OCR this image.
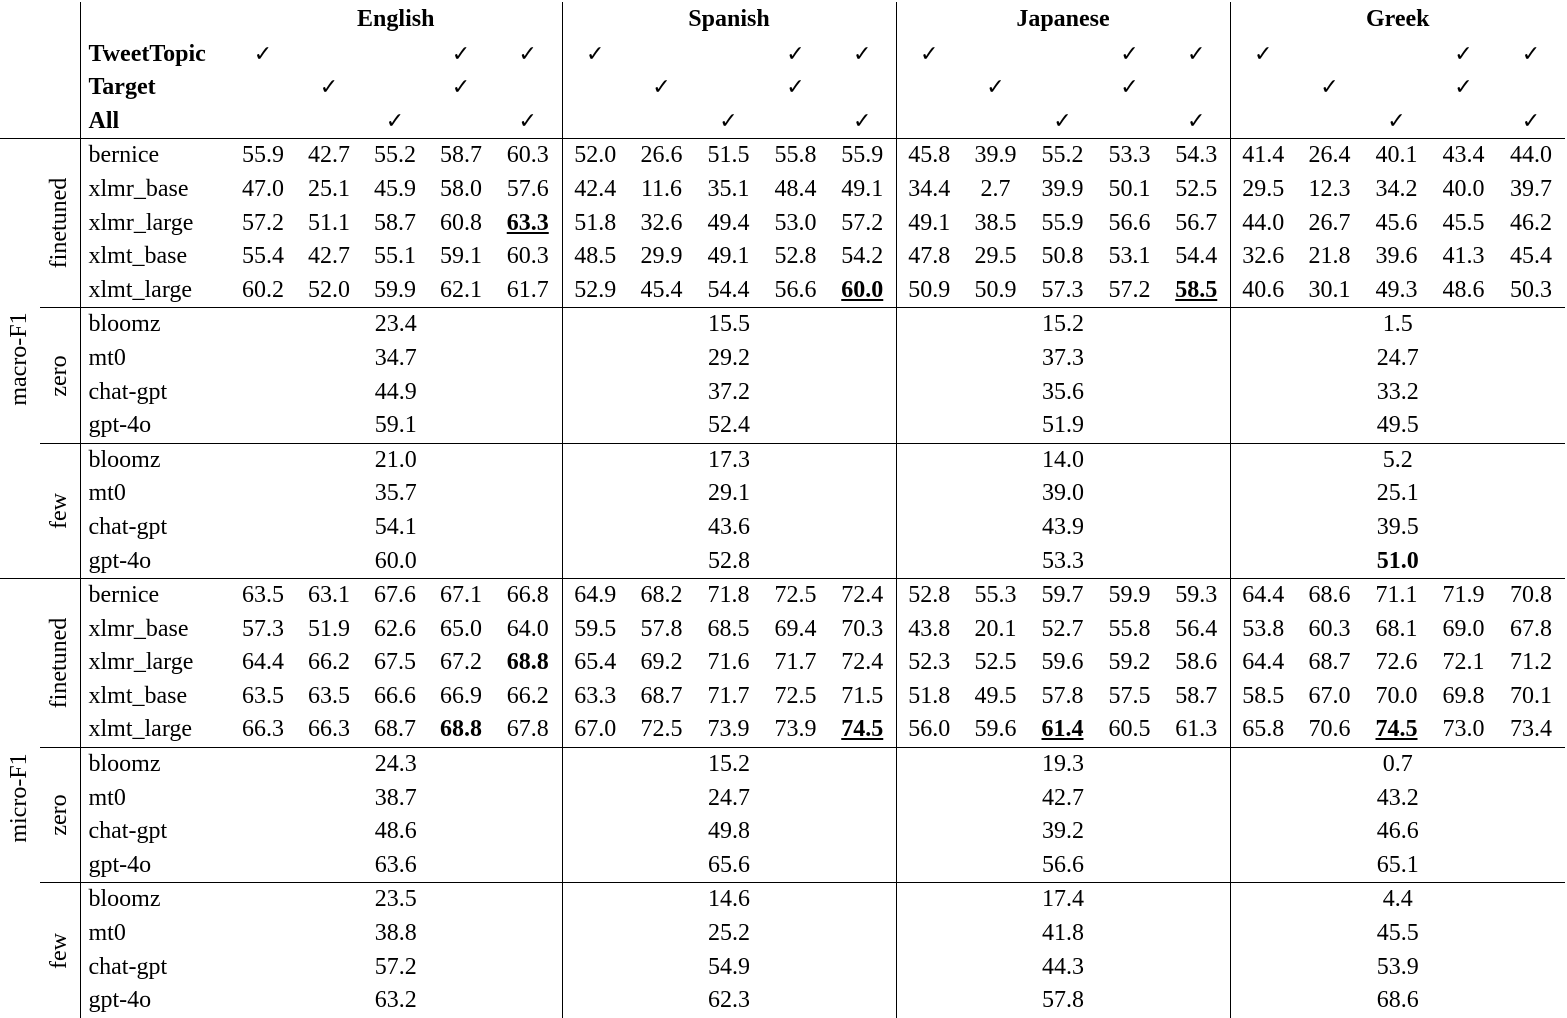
			English					Spanish					Japanese					Greek				
		TweetTopic	✓			✓	✓	✓			✓	✓	✓			✓	✓	✓			✓	✓
		Target		✓		✓			✓		✓			✓		✓			✓		✓	
		All			✓		✓			✓		✓			✓		✓			✓		✓

macro-F1	finetuned	bernice	55.9	42.7	55.2	58.7	60.3	52.0	26.6	51.5	55.8	55.9	45.8	39.9	55.2	53.3	54.3	41.4	26.4	40.1	43.4	44.0
		xlmr_base	47.0	25.1	45.9	58.0	57.6	42.4	11.6	35.1	48.4	49.1	34.4	2.7	39.9	50.1	52.5	29.5	12.3	34.2	40.0	39.7
		xlmr_large	57.2	51.1	58.7	60.8	63.3	51.8	32.6	49.4	53.0	57.2	49.1	38.5	55.9	56.6	56.7	44.0	26.7	45.6	45.5	46.2
		xlmt_base	55.4	42.7	55.1	59.1	60.3	48.5	29.9	49.1	52.8	54.2	47.8	29.5	50.8	53.1	54.4	32.6	21.8	39.6	41.3	45.4
		xlmt_large	60.2	52.0	59.9	62.1	61.7	52.9	45.4	54.4	56.6	60.0	50.9	50.9	57.3	57.2	58.5	40.6	30.1	49.3	48.6	50.3

	zero	bloomz	23.4					15.5					15.2					1.5				
		mt0	34.7					29.2					37.3					24.7				
		chat-gpt	44.9					37.2					35.6					33.2				
		gpt-4o	59.1					52.4					51.9					49.5				

	few	bloomz	21.0					17.3					14.0					5.2				
		mt0	35.7					29.1					39.0					25.1				
		chat-gpt	54.1					43.6					43.9					39.5				
		gpt-4o	60.0					52.8					53.3					51.0				

micro-F1	finetuned	bernice	63.5	63.1	67.6	67.1	66.8	64.9	68.2	71.8	72.5	72.4	52.8	55.3	59.7	59.9	59.3	64.4	68.6	71.1	71.9	70.8
		xlmr_base	57.3	51.9	62.6	65.0	64.0	59.5	57.8	68.5	69.4	70.3	43.8	20.1	52.7	55.8	56.4	53.8	60.3	68.1	69.0	67.8
		xlmr_large	64.4	66.2	67.5	67.2	68.8	65.4	69.2	71.6	71.7	72.4	52.3	52.5	59.6	59.2	58.6	64.4	68.7	72.6	72.1	71.2
		xlmt_base	63.5	63.5	66.6	66.9	66.2	63.3	68.7	71.7	72.5	71.5	51.8	49.5	57.8	57.5	58.7	58.5	67.0	70.0	69.8	70.1
		xlmt_large	66.3	66.3	68.7	68.8	67.8	67.0	72.5	73.9	73.9	74.5	56.0	59.6	61.4	60.5	61.3	65.8	70.6	74.5	73.0	73.4

	zero	bloomz	24.3					15.2					19.3					0.7				
		mt0	38.7					24.7					42.7					43.2				
		chat-gpt	48.6					49.8					39.2					46.6				
		gpt-4o	63.6					65.6					56.6					65.1				

	few	bloomz	23.5					14.6					17.4					4.4				
		mt0	38.8					25.2					41.8					45.5				
		chat-gpt	57.2					54.9					44.3					53.9				
		gpt-4o	63.2					62.3					57.8					68.6				
